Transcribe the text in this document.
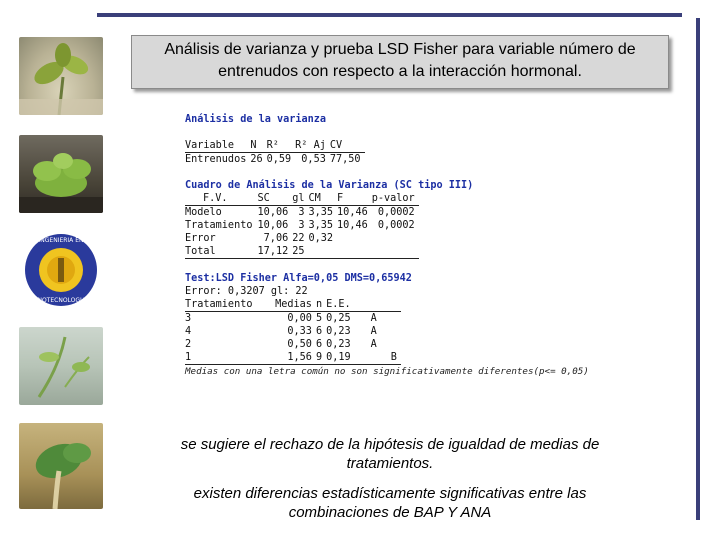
INGENIERIA EN
BIOTECNOLOGIA
Análisis de varianza y prueba LSD Fisher para variable número de entrenudos con respecto a la interacción hormonal.
Análisis de la varianza
Variable	N	R²	R² Aj	CV
Entrenudos	26	0,59	0,53	77,50
Cuadro de Análisis de la Varianza (SC tipo III)
F.V.	SC	gl	CM	F	p-valor
Modelo	10,06	3	3,35	10,46	0,0002
Tratamiento	10,06	3	3,35	10,46	0,0002
Error	7,06	22	0,32		
Total	17,12	25			
Test:LSD Fisher Alfa=0,05 DMS=0,65942
Error: 0,3207 gl: 22
Tratamiento	Medias	n	E.E.		
3	0,00	5	0,25	A	
4	0,33	6	0,23	A	
2	0,50	6	0,23	A	
1	1,56	9	0,19		B
Medias con una letra común no son significativamente diferentes(p<= 0,05)
se sugiere el rechazo de la hipótesis de igualdad de medias de tratamientos.
existen diferencias estadísticamente significativas entre las combinaciones de BAP Y ANA
